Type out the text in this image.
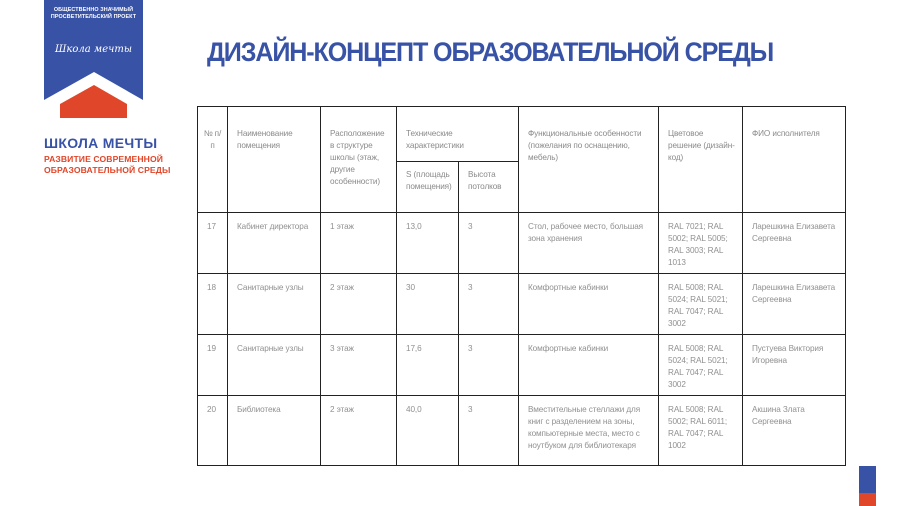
ОБЩЕСТВЕННО ЗНАЧИМЫЙ ПРОСВЕТИТЕЛЬСКИЙ ПРОЕКТ
Школа мечты
ШКОЛА МЕЧТЫ
РАЗВИТИЕ СОВРЕМЕННОЙ
ОБРАЗОВАТЕЛЬНОЙ СРЕДЫ
ДИЗАЙН-КОНЦЕПТ ОБРАЗОВАТЕЛЬНОЙ СРЕДЫ
№ п/п	Наименование помещения	Расположение в структуре школы (этаж, другие особенности)	Технические характеристики		Функциональные особенности (пожелания по оснащению, мебель)	Цветовое решение (дизайн-код)	ФИО исполнителя
			S (площадь помещения)	Высота потолков			
17	Кабинет директора	1 этаж	13,0	3	Стол, рабочее место, большая зона хранения	RAL 7021; RAL 5002; RAL 5005; RAL 3003; RAL 1013	Ларешкина Елизавета Сергеевна
18	Санитарные узлы	2 этаж	30	3	Комфортные кабинки	RAL 5008; RAL 5024; RAL 5021; RAL 7047; RAL 3002	Ларешкина Елизавета Сергеевна
19	Санитарные узлы	3 этаж	17,6	3	Комфортные кабинки	RAL 5008; RAL 5024; RAL 5021; RAL 7047; RAL 3002	Пустуева Виктория Игоревна
20	Библиотека	2 этаж	40,0	3	Вместительные стеллажи для книг с разделением на зоны, компьютерные места, место с ноутбуком для библиотекаря	RAL 5008; RAL 5002; RAL 6011; RAL 7047; RAL 1002	Акшина Злата Сергеевна
